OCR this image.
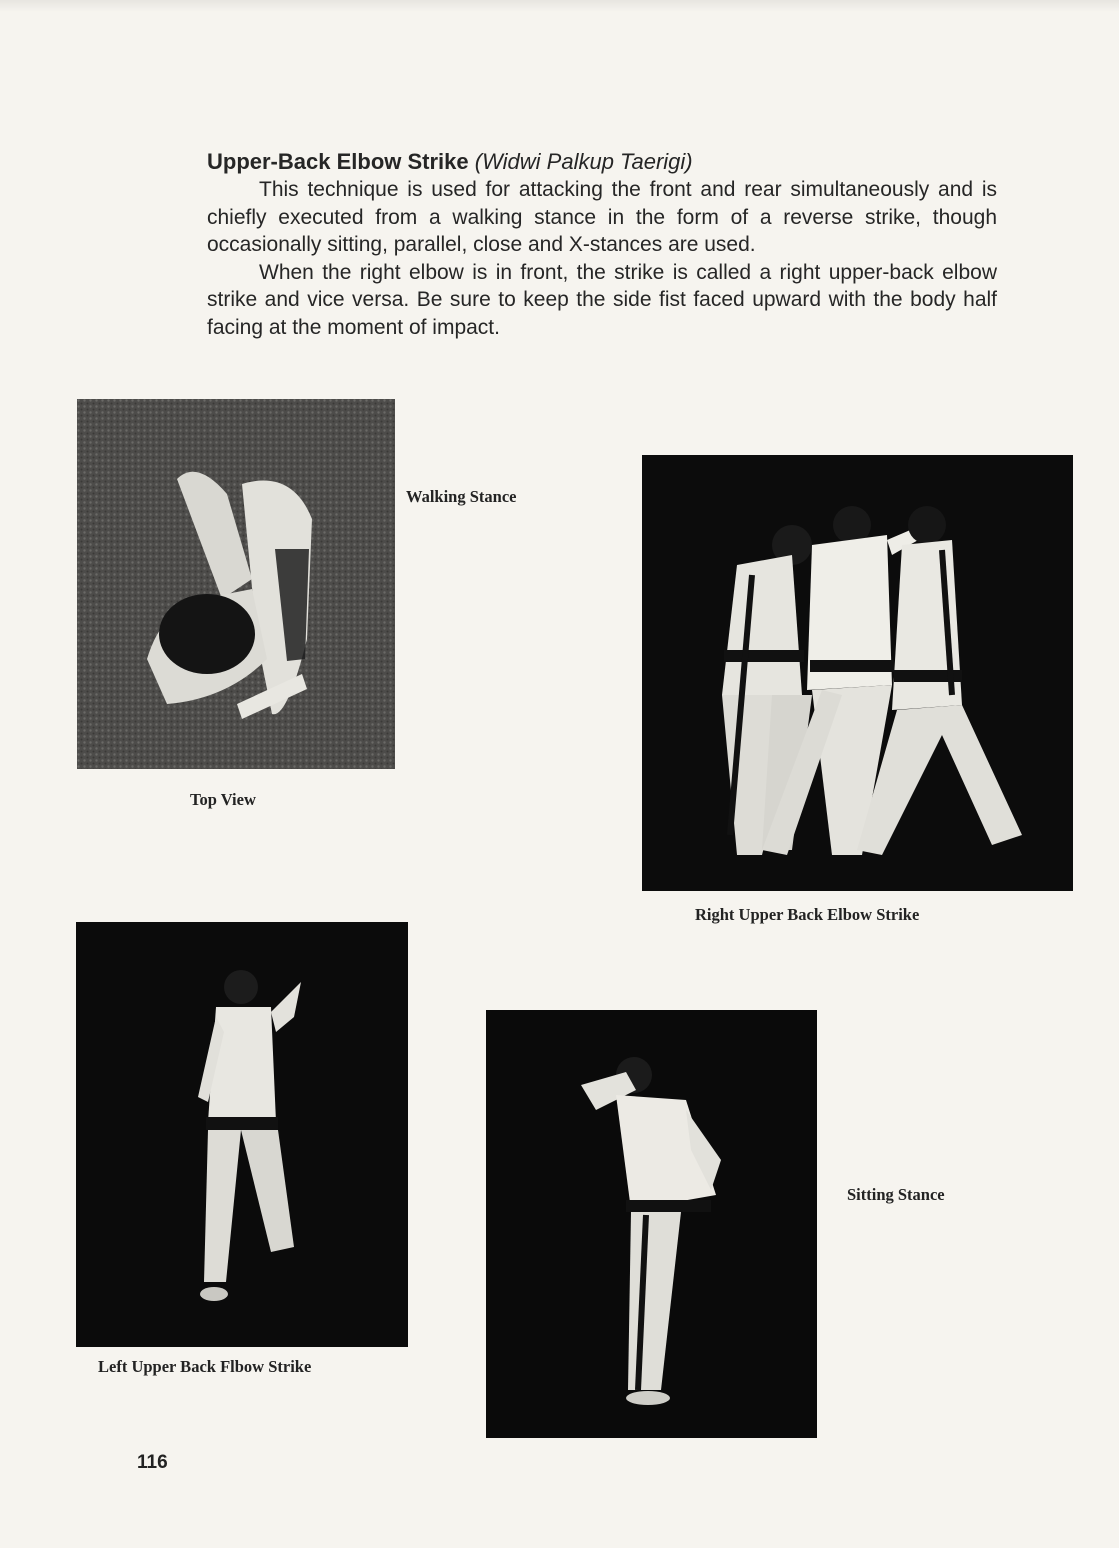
Upper-Back Elbow Strike (Widwi Palkup Taerigi)

This technique is used for attacking the front and rear simultaneously and is chiefly executed from a walking stance in the form of a reverse strike, though occasionally sitting, parallel, close and X-stances are used.

When the right elbow is in front, the strike is called a right upper-back elbow strike and vice versa. Be sure to keep the side fist faced upward with the body half facing at the moment of impact.

Top View
Walking Stance
Right Upper Back Elbow Strike
Left Upper Back Flbow Strike
Sitting Stance
116
